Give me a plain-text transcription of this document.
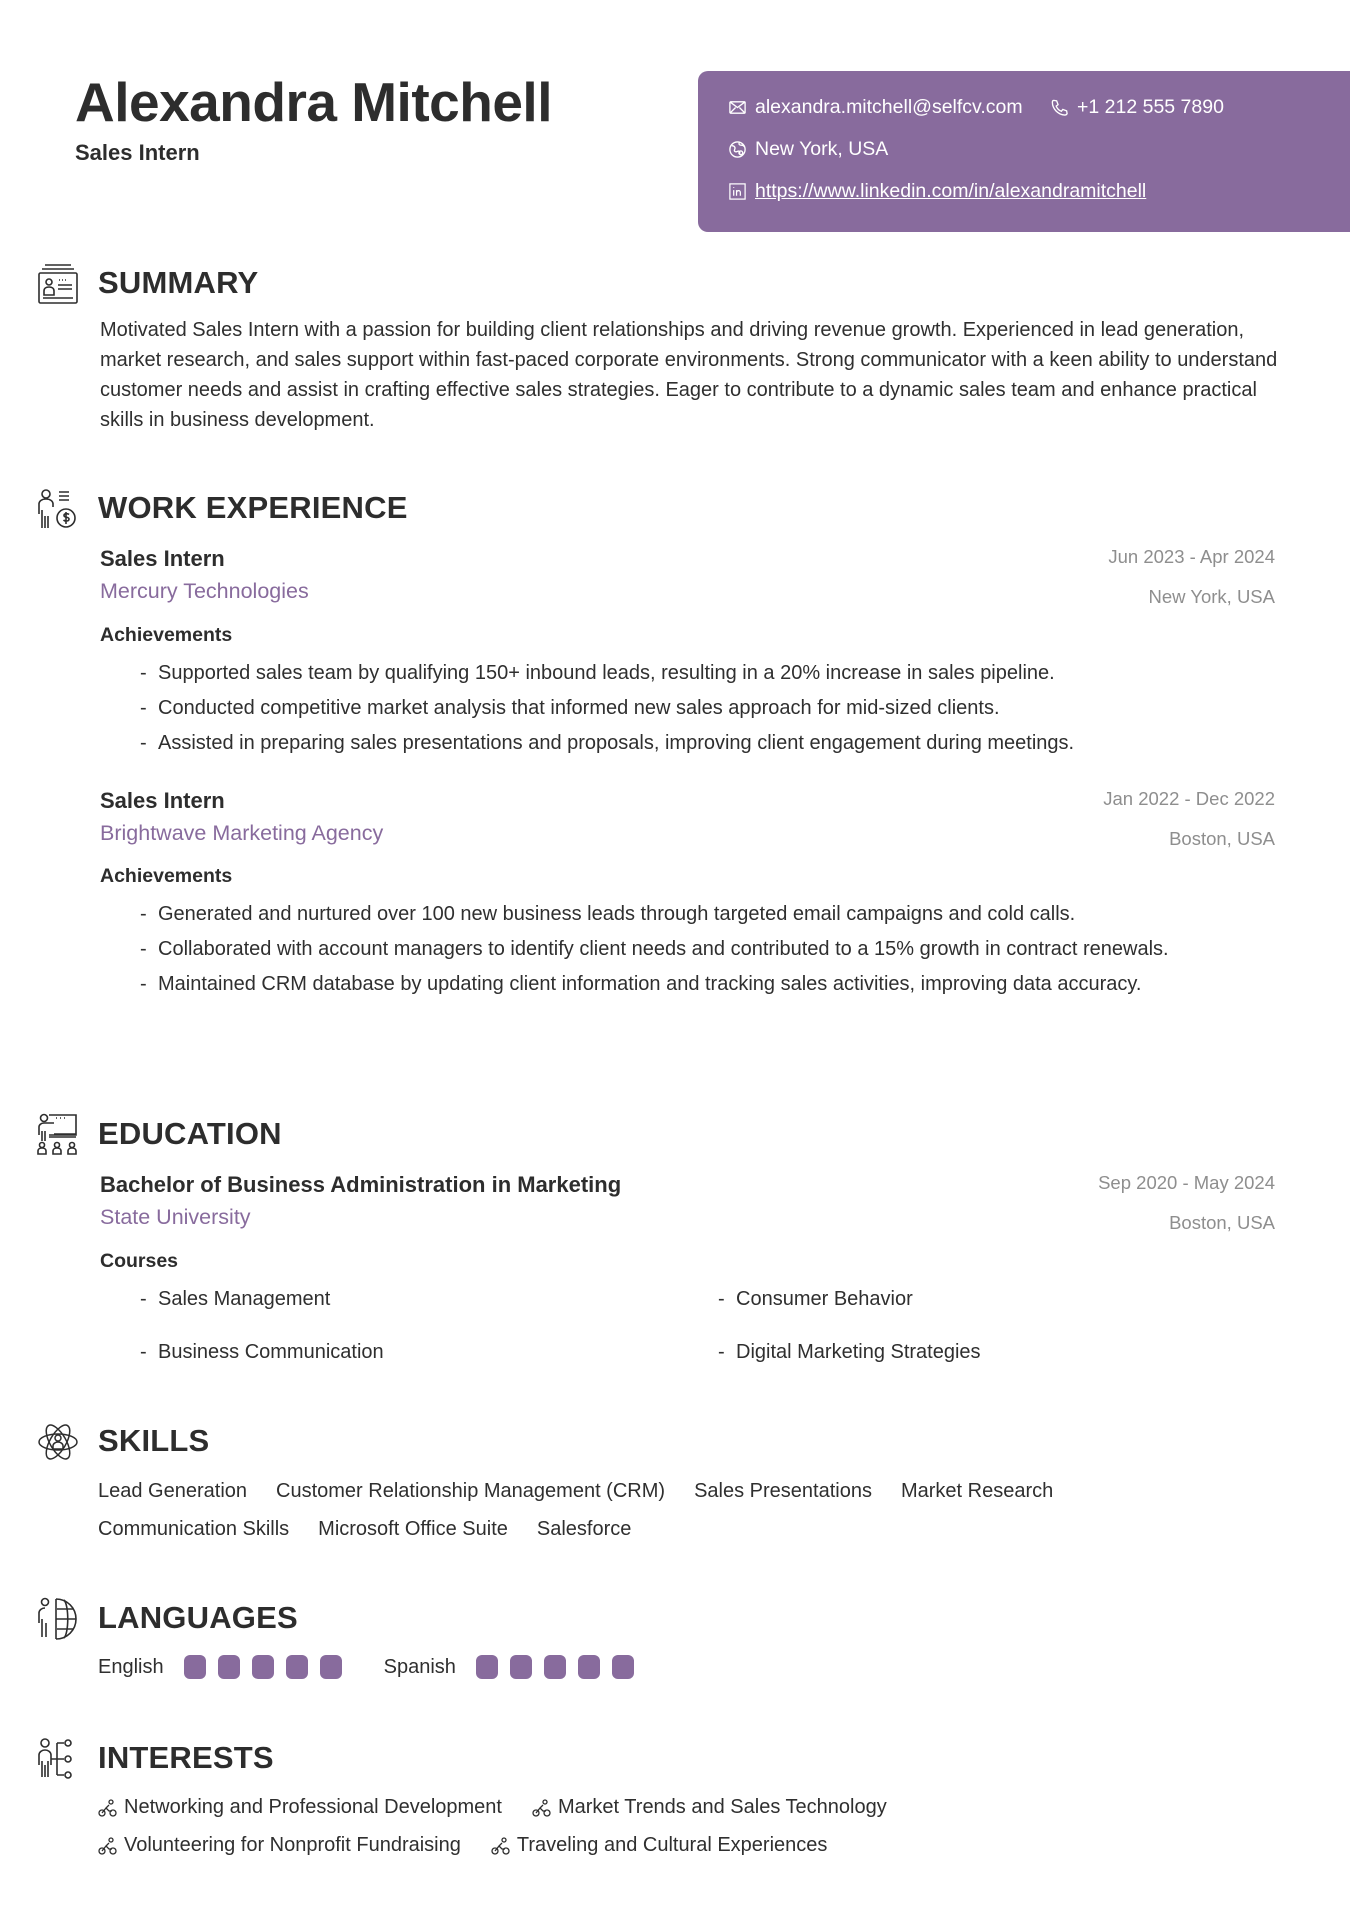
Alexandra Mitchell
Sales Intern
alexandra.mitchell@selfcv.com	+1 212 555 7890
New York, USA
https://www.linkedin.com/in/alexandramitchell
SUMMARY

Motivated Sales Intern with a passion for building client relationships and driving revenue growth. Experienced in lead generation, market research, and sales support within fast-paced corporate environments. Strong communicator with a keen ability to understand customer needs and assist in crafting effective sales strategies. Eager to contribute to a dynamic sales team and enhance practical skills in business development.

WORK EXPERIENCE
Sales Intern
Mercury Technologies
Jun 2023 - Apr 2024
New York, USA
Achievements
- Supported sales team by qualifying 150+ inbound leads, resulting in a 20% increase in sales pipeline.
- Conducted competitive market analysis that informed new sales approach for mid-sized clients.
- Assisted in preparing sales presentations and proposals, improving client engagement during meetings.
Sales Intern
Brightwave Marketing Agency
Jan 2022 - Dec 2022
Boston, USA
Achievements
- Generated and nurtured over 100 new business leads through targeted email campaigns and cold calls.
- Collaborated with account managers to identify client needs and contributed to a 15% growth in contract renewals.
- Maintained CRM database by updating client information and tracking sales activities, improving data accuracy.
EDUCATION
Bachelor of Business Administration in Marketing
State University
Sep 2020 - May 2024
Boston, USA
Courses
- Sales Management	- Consumer Behavior
- Business Communication	- Digital Marketing Strategies
SKILLS
Lead Generation Customer Relationship Management (CRM) Sales Presentations Market Research
Communication Skills Microsoft Office Suite Salesforce
LANGUAGES
English	Spanish
INTERESTS
Networking and Professional Development	Market Trends and Sales Technology
Volunteering for Nonprofit Fundraising	Traveling and Cultural Experiences
